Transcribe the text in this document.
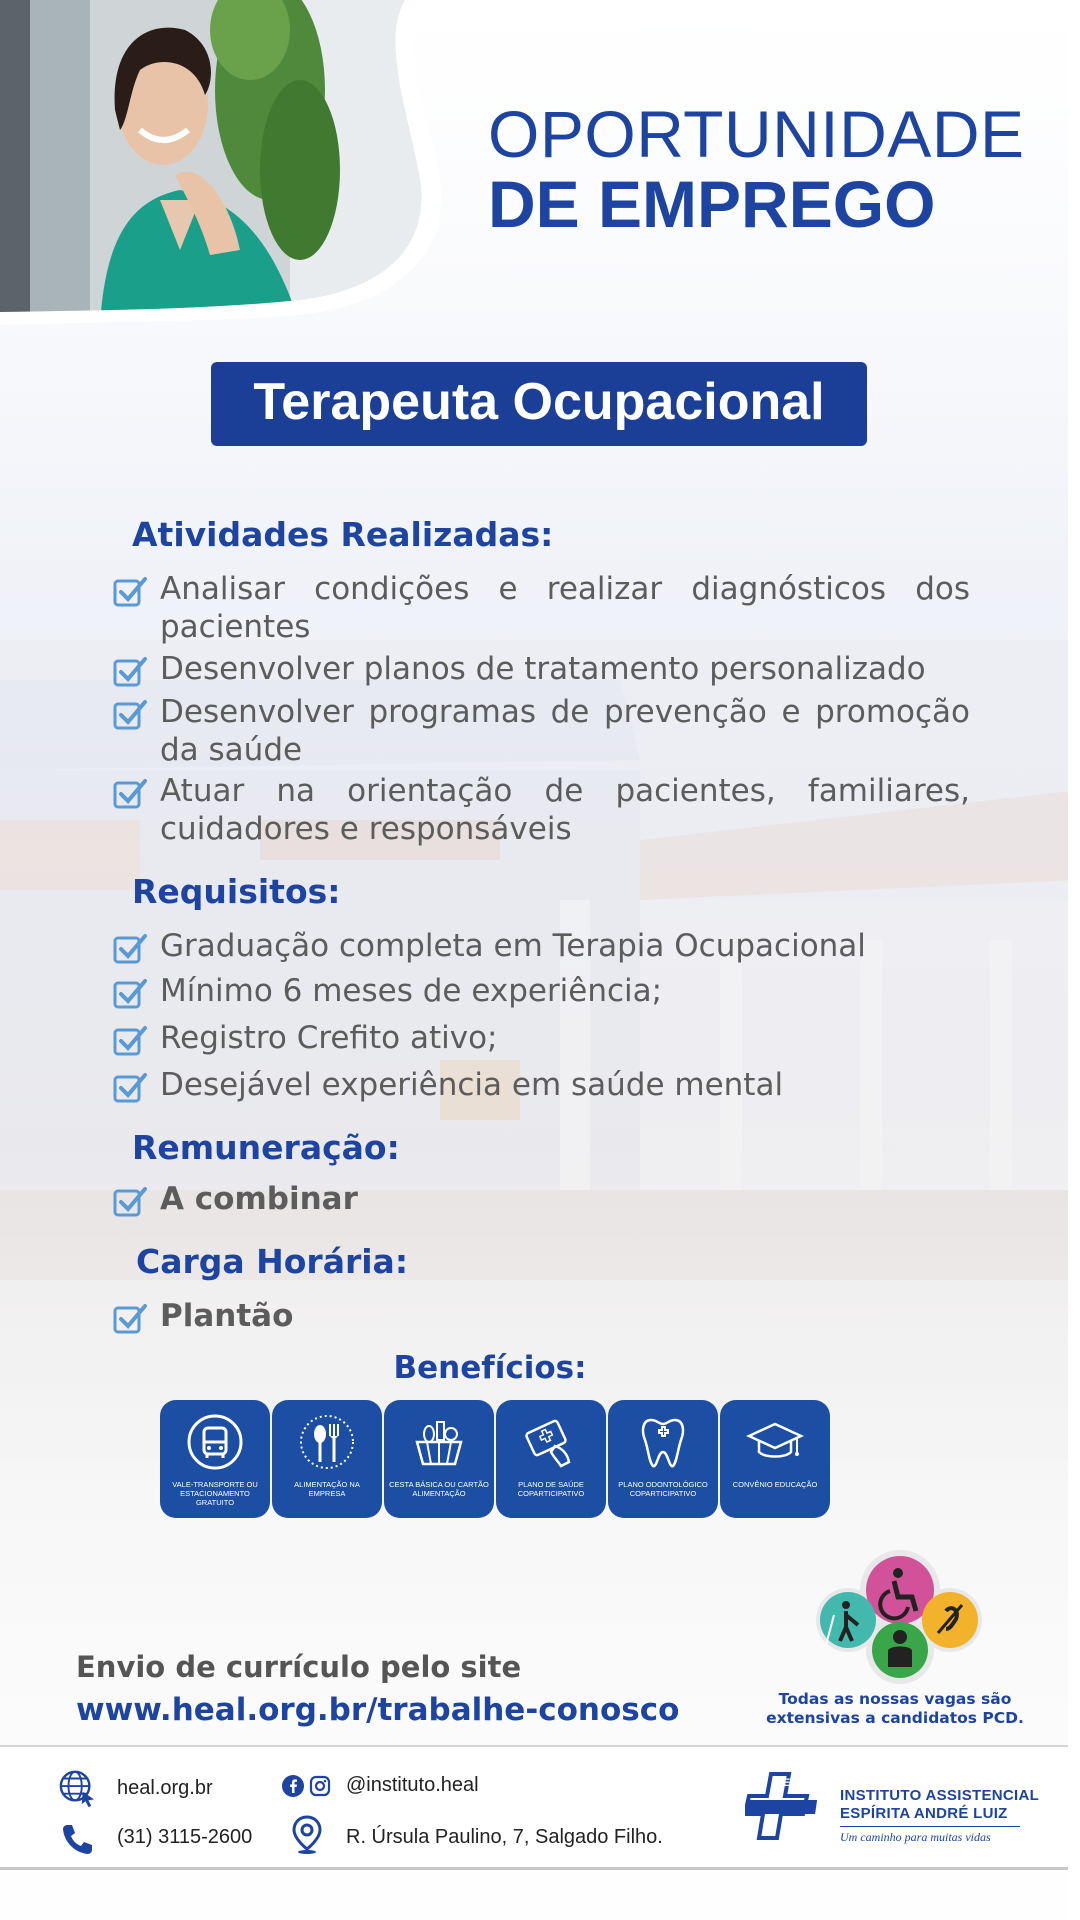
OPORTUNIDADE
DE EMPREGO
Terapeuta Ocupacional
Atividades Realizadas:
Analisar condições e realizar diagnósticos dos pacientes
Desenvolver planos de tratamento personalizado
Desenvolver programas de prevenção e promoção da saúde
Atuar na orientação de pacientes, familiares, cuidadores e responsáveis
Requisitos:
Graduação completa em Terapia Ocupacional
Mínimo 6 meses de experiência;
Registro Crefito ativo;
Desejável experiência em saúde mental
Remuneração:
A combinar
Carga Horária:
Plantão
Benefícios:
VALE-TRANSPORTE OU ESTACIONAMENTO GRATUITO
ALIMENTAÇÃO NA EMPRESA
CESTA BÁSICA OU CARTÃO ALIMENTAÇÃO
PLANO DE SAÚDE COPARTICIPATIVO
PLANO ODONTOLÓGICO COPARTICIPATIVO
CONVÊNIO EDUCAÇÃO
Todas as nossas vagas são
extensivas a candidatos PCD.
Envio de currículo pelo site
www.heal.org.br/trabalhe-conosco
heal.org.br	@instituto.heal
(31) 3115-2600	R. Úrsula Paulino, 7, Salgado Filho.
HEAL
INSTITUTO ASSISTENCIAL
ESPÍRITA ANDRÉ LUIZ
Um caminho para muitas vidas
